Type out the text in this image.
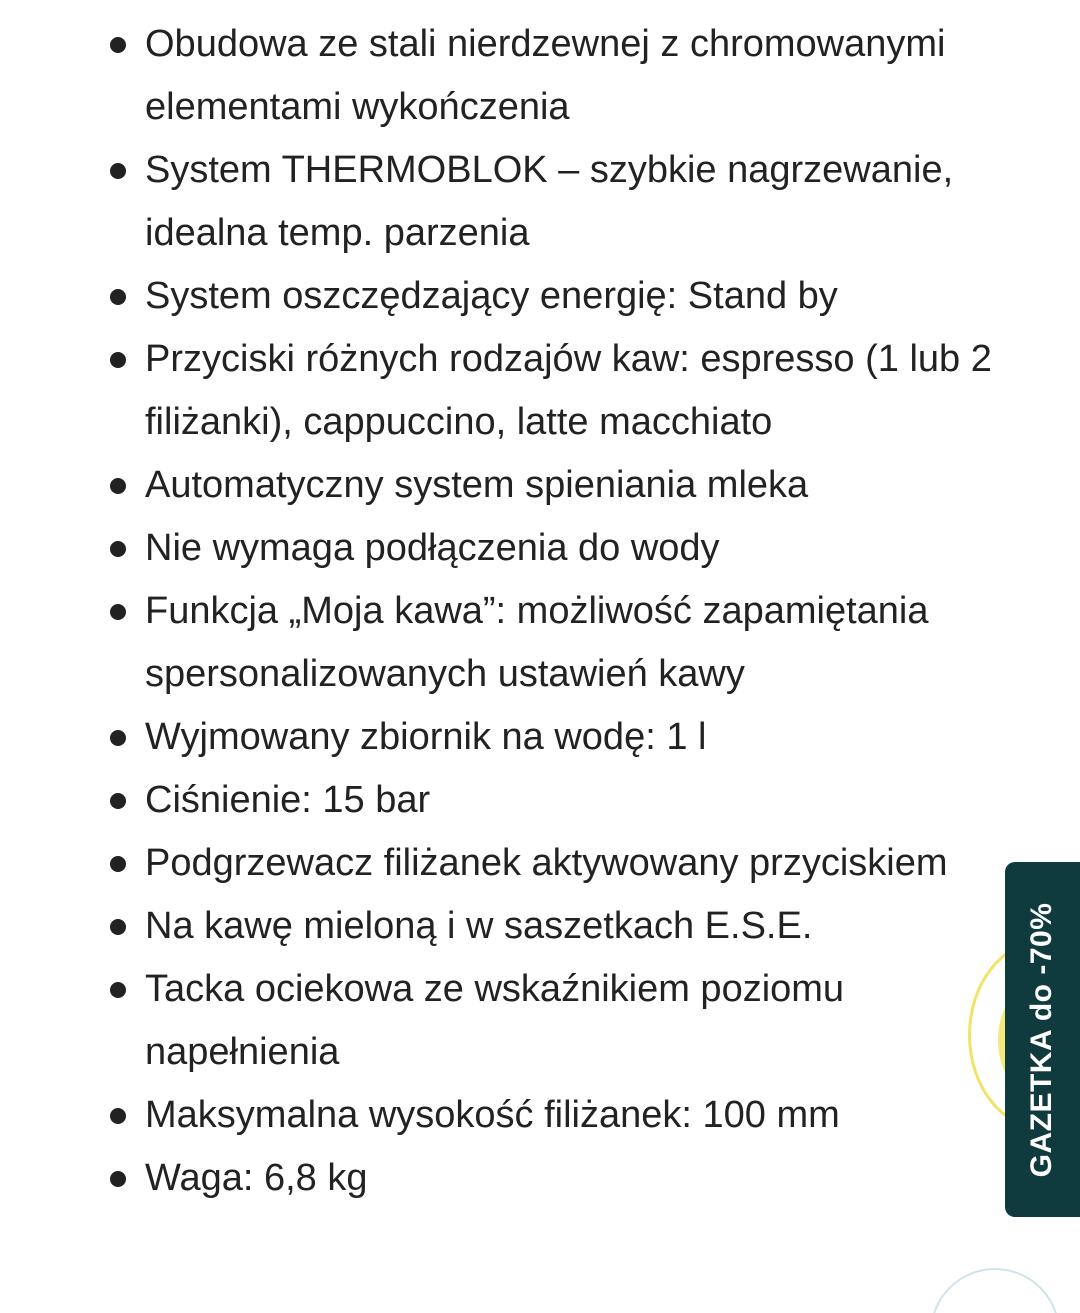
Obudowa ze stali nierdzewnej z chromowanymi elementami wykończenia
System THERMOBLOK – szybkie nagrzewanie, idealna temp. parzenia
System oszczędzający energię: Stand by
Przyciski różnych rodzajów kaw: espresso (1 lub 2 filiżanki), cappuccino, latte macchiato
Automatyczny system spieniania mleka
Nie wymaga podłączenia do wody
Funkcja „Moja kawa”: możliwość zapamiętania spersonalizowanych ustawień kawy
Wyjmowany zbiornik na wodę: 1 l
Ciśnienie: 15 bar
Podgrzewacz filiżanek aktywowany przyciskiem
Na kawę mieloną i w saszetkach E.S.E.
Tacka ociekowa ze wskaźnikiem poziomu napełnienia
Maksymalna wysokość filiżanek: 100 mm
Waga: 6,8 kg
GAZETKA do -70%
